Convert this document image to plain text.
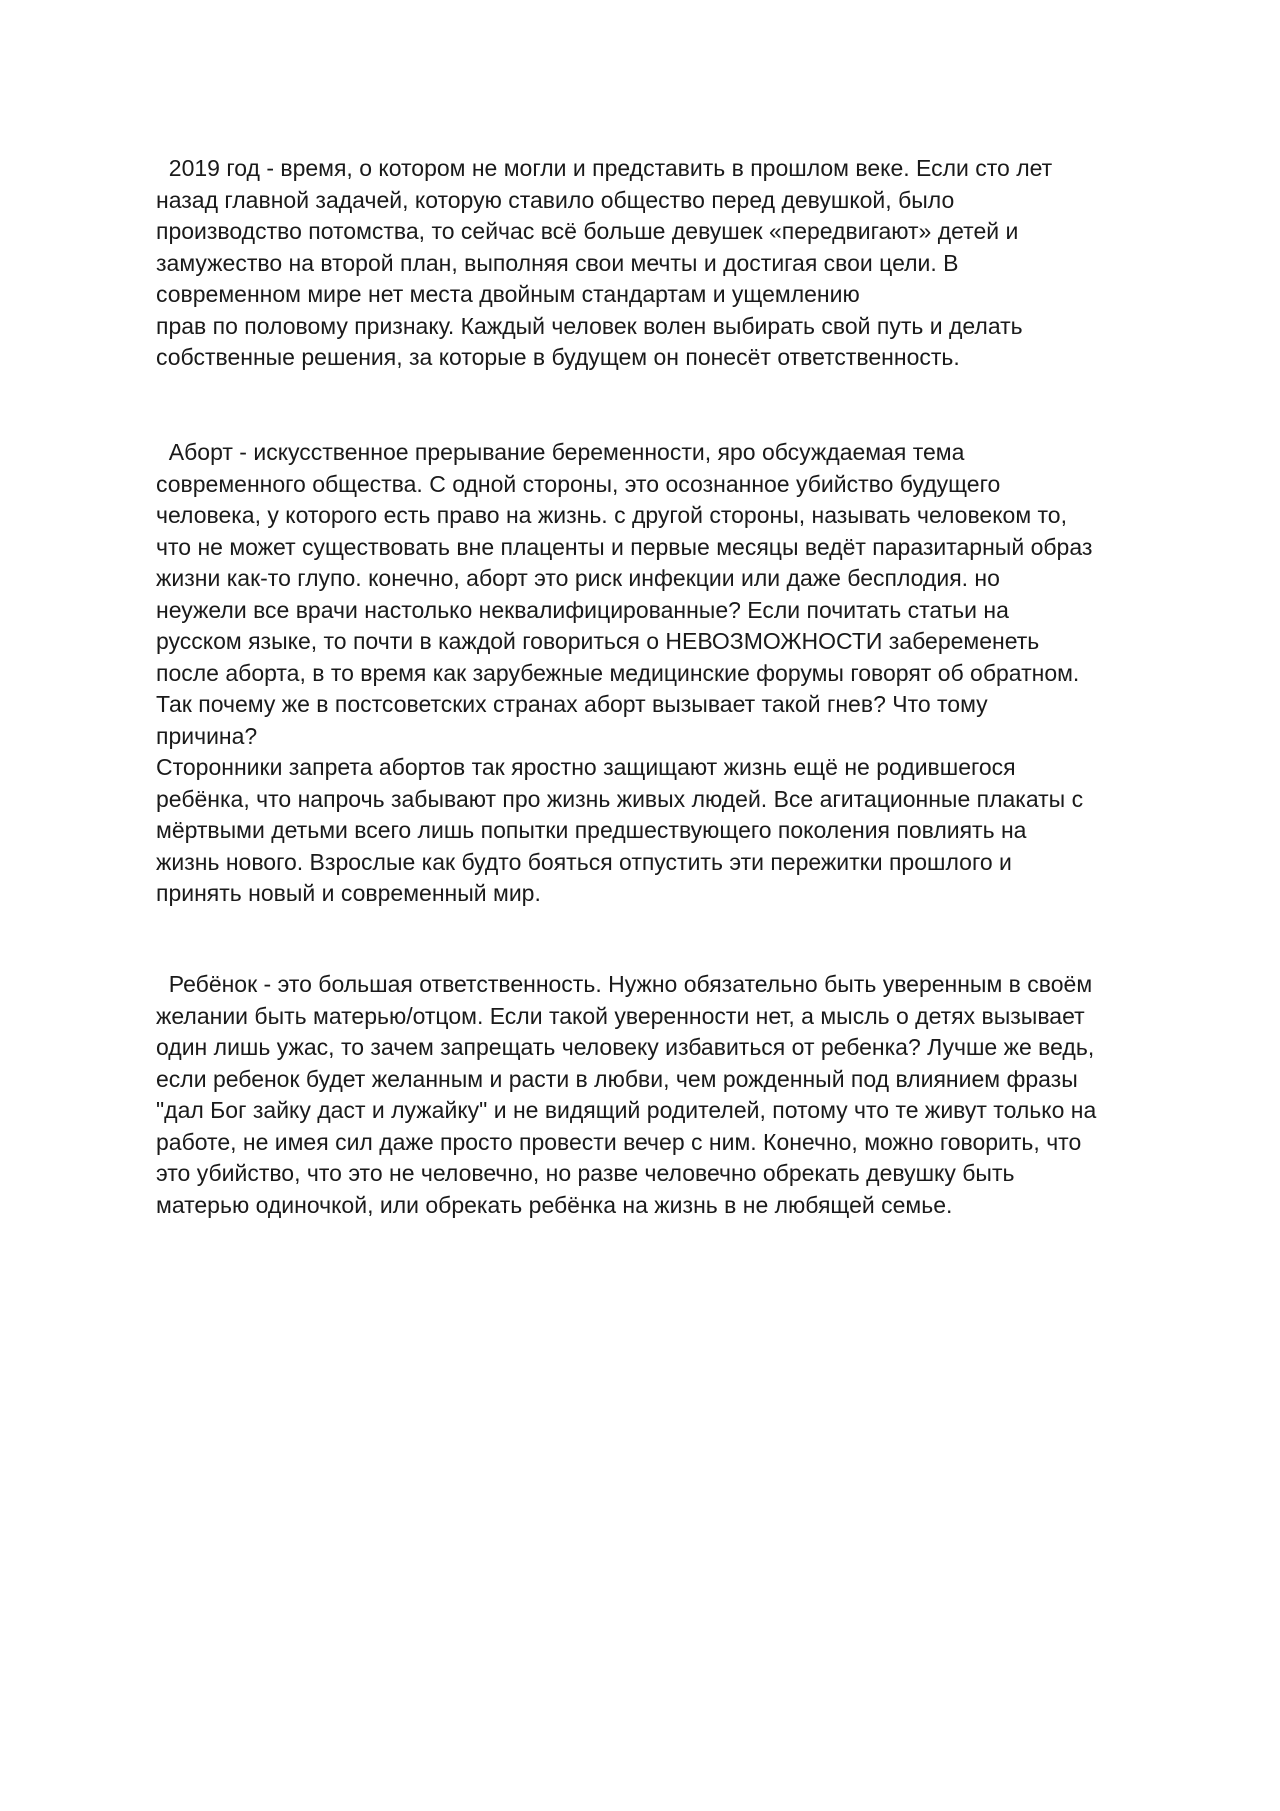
2019 год - время, о котором не могли и представить в прошлом веке. Если сто лет
назад главной задачей, которую ставило общество перед девушкой, было
производство потомства, то сейчас всё больше девушек «передвигают» детей и
замужество на второй план, выполняя свои мечты и достигая свои цели. В
современном мире нет места двойным стандартам и ущемлению
прав по половому признаку. Каждый человек волен выбирать свой путь и делать
собственные решения, за которые в будущем он понесёт ответственность.
Аборт - искусственное прерывание беременности, яро обсуждаемая тема
современного общества. С одной стороны, это осознанное убийство будущего
человека, у которого есть право на жизнь. с другой стороны, называть человеком то,
что не может существовать вне плаценты и первые месяцы ведёт паразитарный образ
жизни как-то глупо. конечно, аборт это риск инфекции или даже бесплодия. но
неужели все врачи настолько неквалифицированные? Если почитать статьи на
русском языке, то почти в каждой говориться о НЕВОЗМОЖНОСТИ забеременеть
после аборта, в то время как зарубежные медицинские форумы говорят об обратном.
Так почему же в постсоветских странах аборт вызывает такой гнев? Что тому
причина?
Сторонники запрета абортов так яростно защищают жизнь ещё не родившегося
ребёнка, что напрочь забывают про жизнь живых людей. Все агитационные плакаты с
мёртвыми детьми всего лишь попытки предшествующего поколения повлиять на
жизнь нового. Взрослые как будто бояться отпустить эти пережитки прошлого и
принять новый и современный мир.
Ребёнок - это большая ответственность. Нужно обязательно быть уверенным в своём
желании быть матерью/отцом. Если такой уверенности нет, а мысль о детях вызывает
один лишь ужас, то зачем запрещать человеку избавиться от ребенка? Лучше же ведь,
если ребенок будет желанным и расти в любви, чем рожденный под влиянием фразы
"дал Бог зайку даст и лужайку" и не видящий родителей, потому что те живут только на
работе, не имея сил даже просто провести вечер с ним. Конечно, можно говорить, что
это убийство, что это не человечно, но разве человечно обрекать девушку быть
матерью одиночкой, или обрекать ребёнка на жизнь в не любящей семье.
